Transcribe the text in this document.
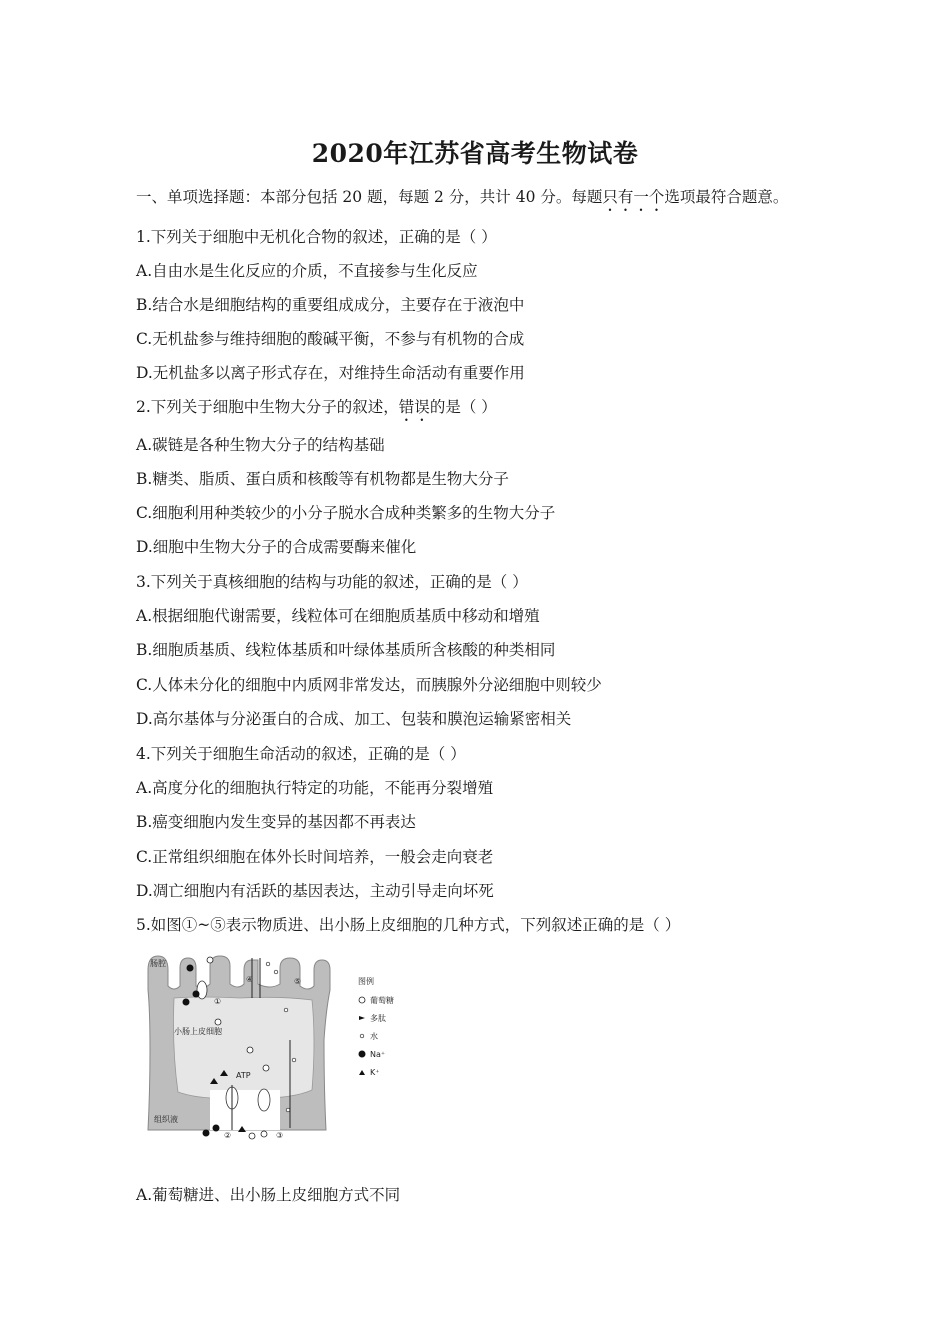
2020年江苏省高考生物试卷
一、单项选择题：本部分包括 20 题，每题 2 分，共计 40 分。每题只有一个选项最符合题意。
1.下列关于细胞中无机化合物的叙述，正确的是（ ）
A.自由水是生化反应的介质，不直接参与生化反应
B.结合水是细胞结构的重要组成成分，主要存在于液泡中
C.无机盐参与维持细胞的酸碱平衡，不参与有机物的合成
D.无机盐多以离子形式存在，对维持生命活动有重要作用
2.下列关于细胞中生物大分子的叙述，错误的是（ ）
A.碳链是各种生物大分子的结构基础
B.糖类、脂质、蛋白质和核酸等有机物都是生物大分子
C.细胞利用种类较少的小分子脱水合成种类繁多的生物大分子
D.细胞中生物大分子的合成需要酶来催化
3.下列关于真核细胞的结构与功能的叙述，正确的是（ ）
A.根据细胞代谢需要，线粒体可在细胞质基质中移动和增殖
B.细胞质基质、线粒体基质和叶绿体基质所含核酸的种类相同
C.人体未分化的细胞中内质网非常发达，而胰腺外分泌细胞中则较少
D.高尔基体与分泌蛋白的合成、加工、包装和膜泡运输紧密相关
4.下列关于细胞生命活动的叙述，正确的是（ ）
A.高度分化的细胞执行特定的功能，不能再分裂增殖
B.癌变细胞内发生变异的基因都不再表达
C.正常组织细胞在体外长时间培养，一般会走向衰老
D.凋亡细胞内有活跃的基因表达，主动引导走向坏死
5.如图①~⑤表示物质进、出小肠上皮细胞的几种方式，下列叙述正确的是（ ）
肠腔
小肠上皮细胞
组织液
ATP
①
②	③
④	⑤	图例
葡萄糖
多肽
水
Na⁺
K⁺
A.葡萄糖进、出小肠上皮细胞方式不同
